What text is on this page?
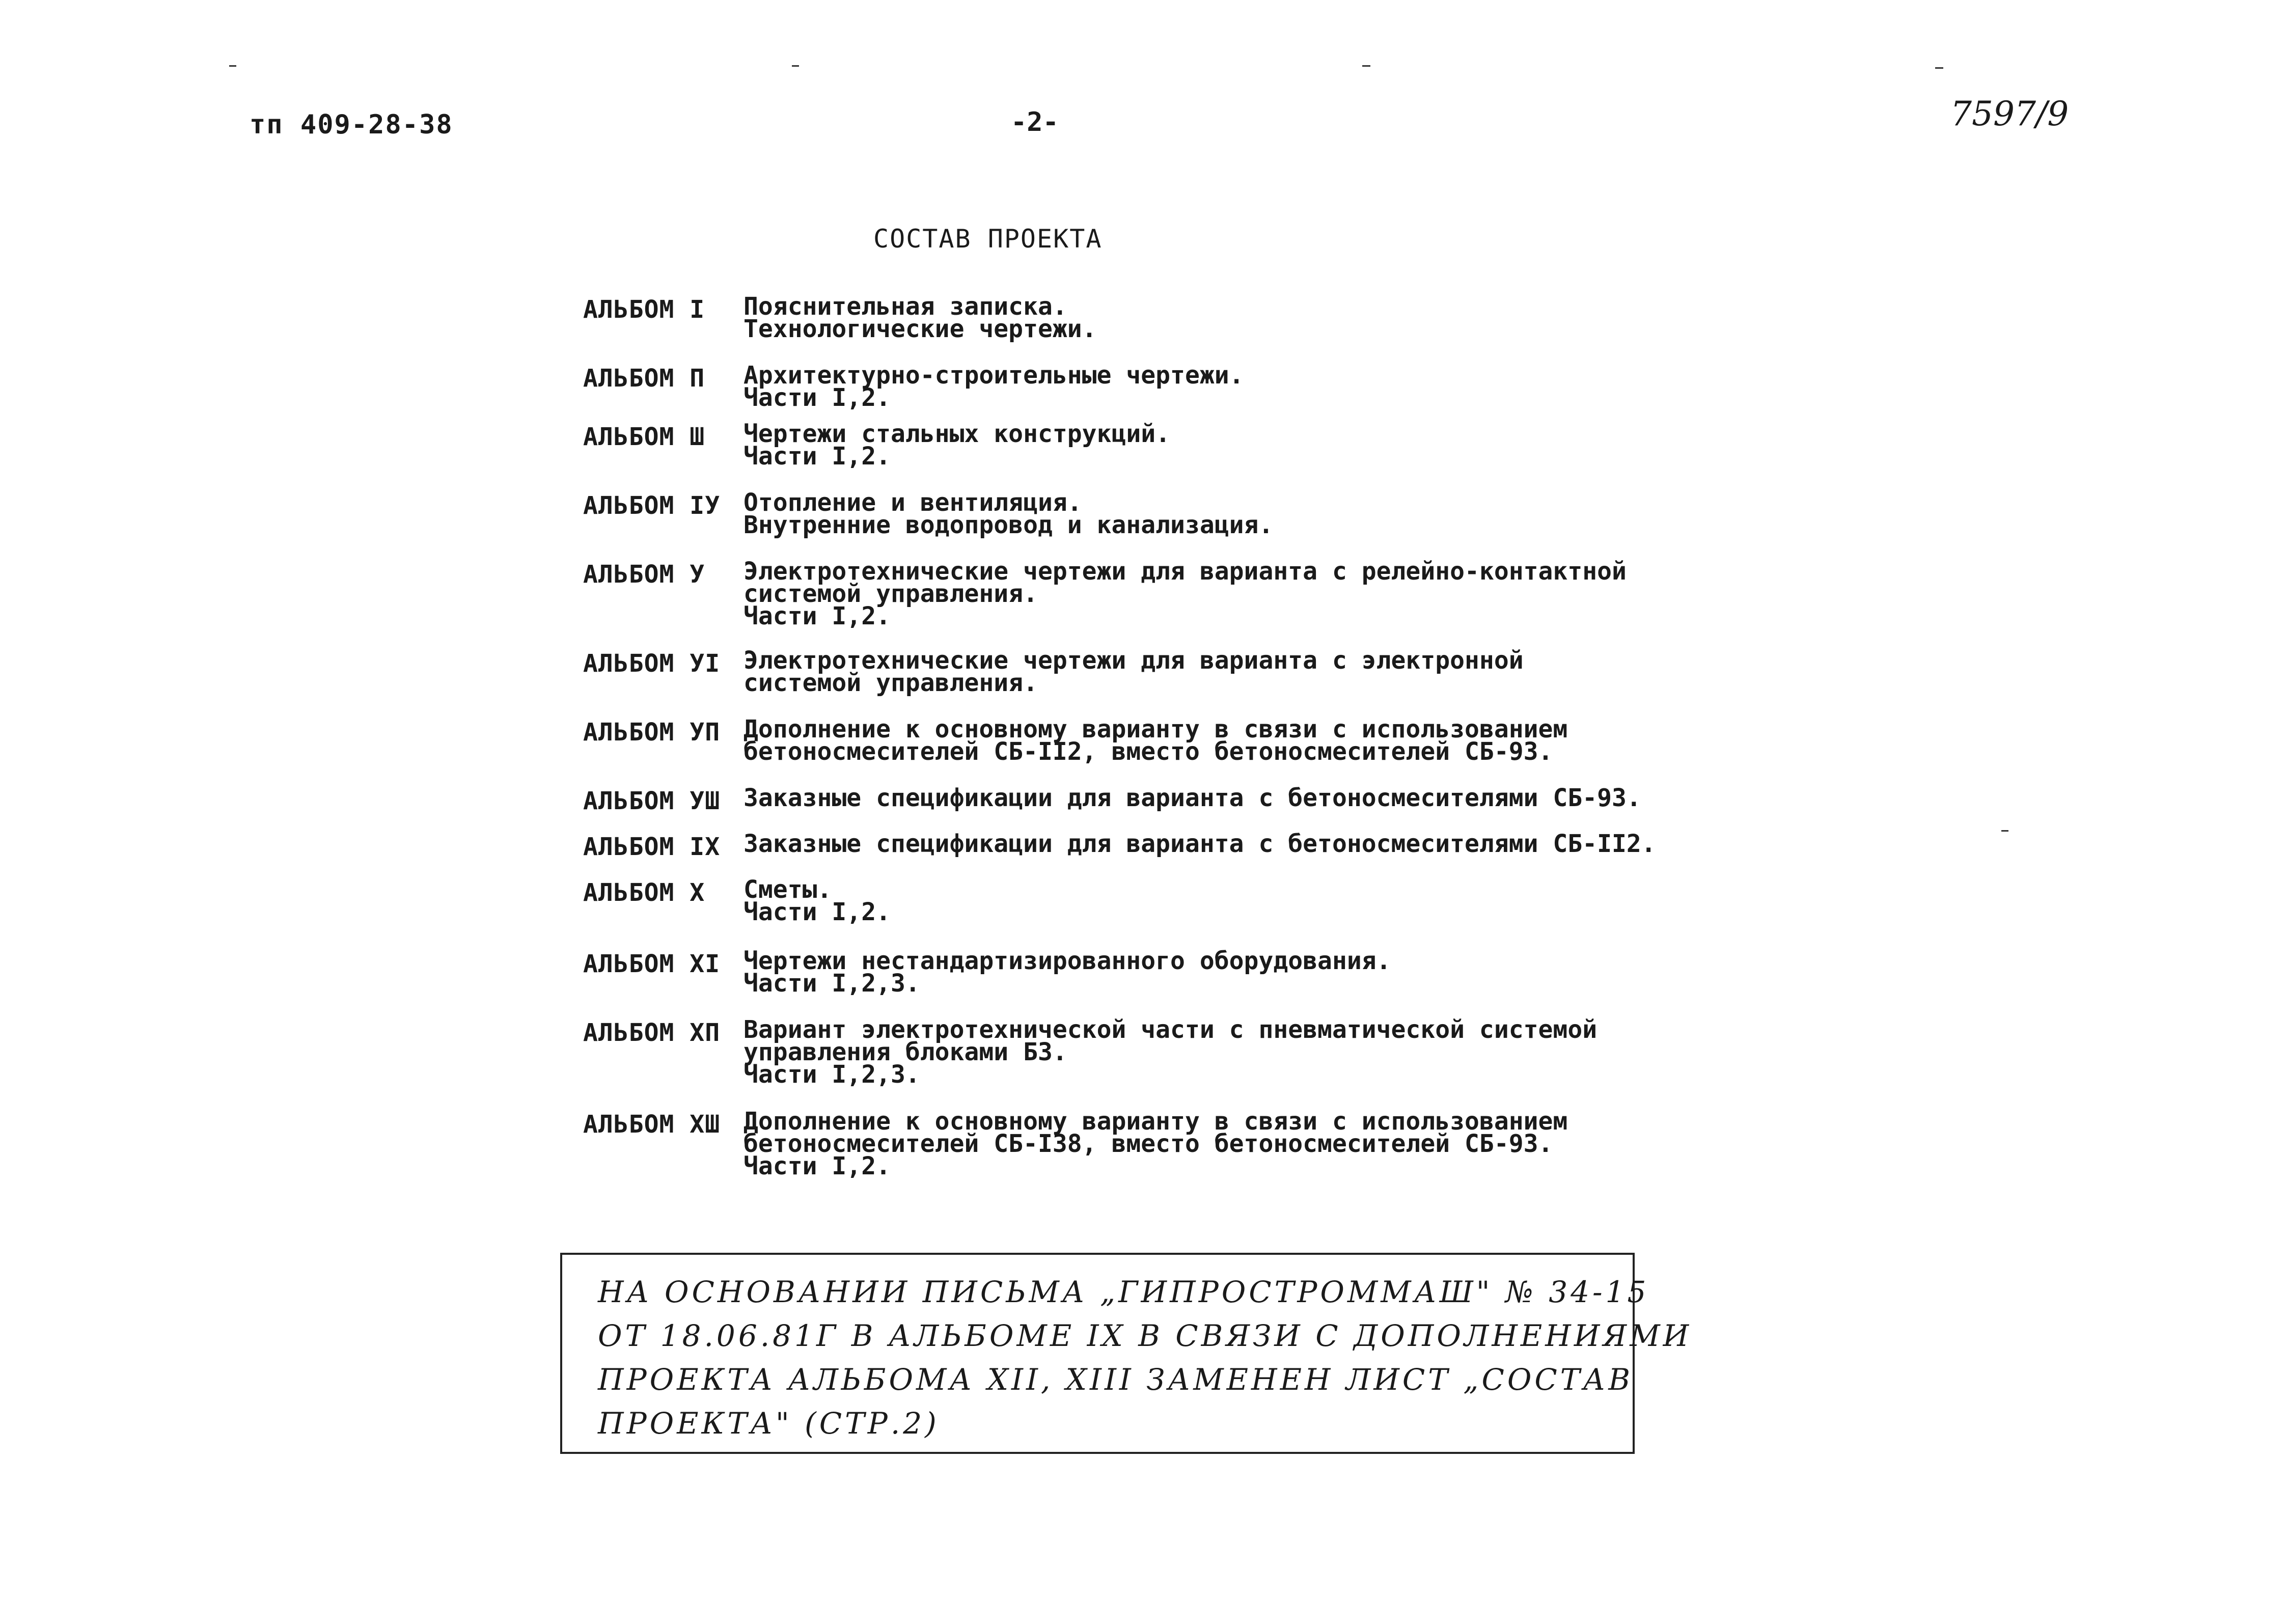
тп 409-28-38	-2-	7597/9
СОСТАВ ПРОЕКТА
АЛЬБОМ I	Пояснительная записка.
Технологические чертежи.
АЛЬБОМ П	Архитектурно-строительные чертежи.
Части I,2.
АЛЬБОМ Ш	Чертежи стальных конструкций.
Части I,2.
АЛЬБОМ IУ Отопление и вентиляция.
Внутренние водопровод и канализация.
АЛЬБОМ У	Электротехнические чертежи для варианта с релейно-контактной
системой управления.
Части I,2.
АЛЬБОМ УI Электротехнические чертежи для варианта с электронной
системой управления.
АЛЬБОМ УП Дополнение к основному варианту в связи с использованием
бетоносмесителей СБ-II2, вместо бетоносмесителей СБ-93.
АЛЬБОМ УШ Заказные спецификации для варианта с бетоносмесителями СБ-93.
АЛЬБОМ IX Заказные спецификации для варианта с бетоносмесителями СБ-II2.
АЛЬБОМ X	Сметы.
Части I,2.
АЛЬБОМ XI Чертежи нестандартизированного оборудования.
Части I,2,3.
АЛЬБОМ XП Вариант электротехнической части с пневматической системой
управления блоками Б3.
Части I,2,3.
АЛЬБОМ XШ Дополнение к основному варианту в связи с использованием
бетоносмесителей СБ-I38, вместо бетоносмесителей СБ-93.
Части I,2.
НА ОСНОВАНИИ ПИСЬМА „ГИПРОСТРОММАШ" № 34-15
ОТ 18.06.81Г В АЛЬБОМЕ IX В СВЯЗИ С ДОПОЛНЕНИЯМИ
ПРОЕКТА АЛЬБОМА XII, XIII ЗАМЕНЕН ЛИСТ „СОСТАВ
ПРОЕКТА" (СТР.2)
